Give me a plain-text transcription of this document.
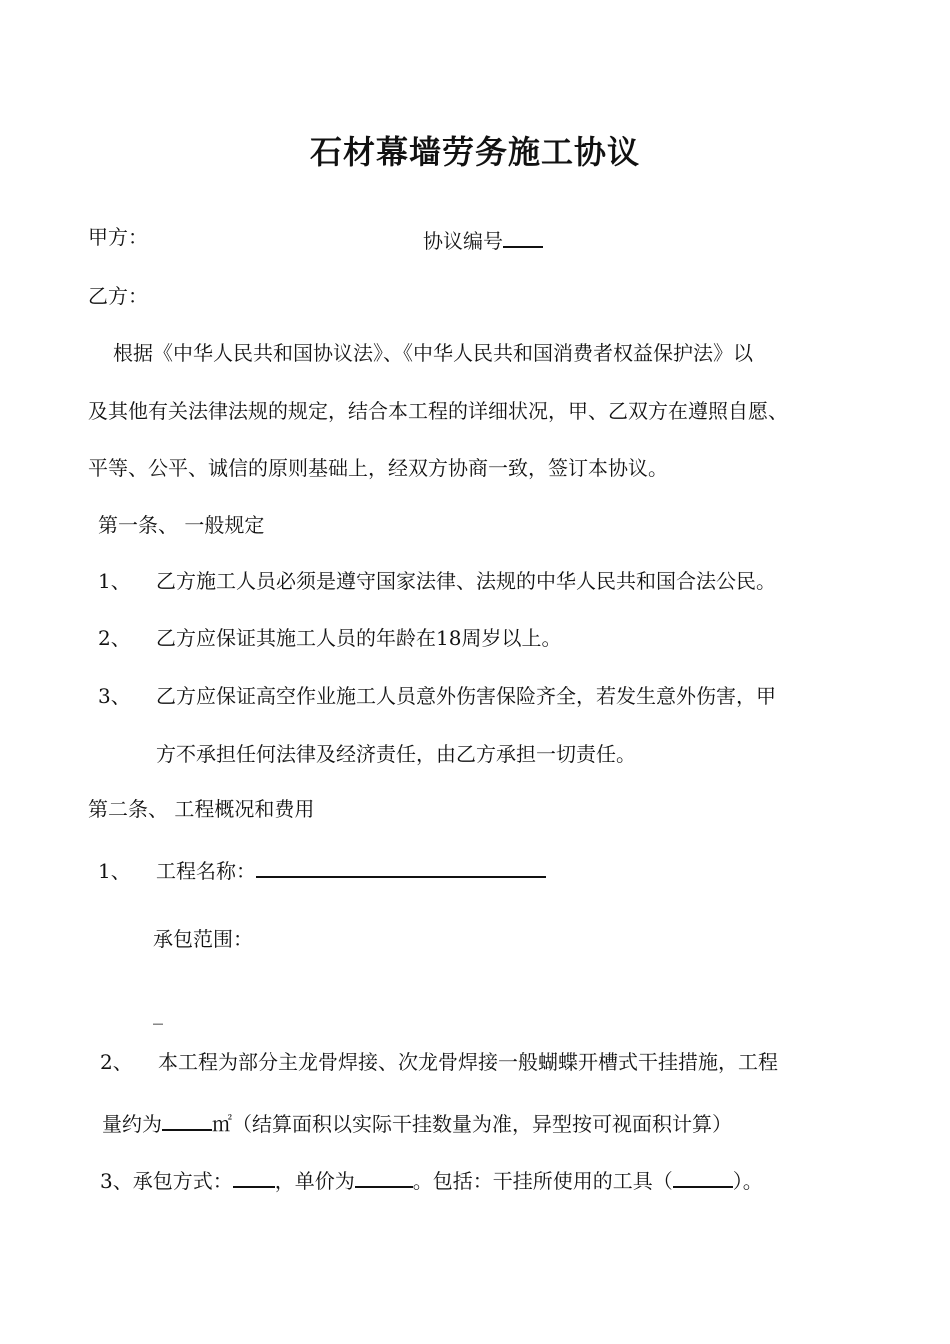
石材幕墙劳务施工协议
甲方：	协议编号
乙方：
根据《中华人民共和国协议法》、《中华人民共和国消费者权益保护法》以
及其他有关法律法规的规定，结合本工程的详细状况，甲、乙双方在遵照自愿、
平等、公平、诚信的原则基础上，经双方协商一致，签订本协议。
第一条、 一般规定
1、 乙方施工人员必须是遵守国家法律、法规的中华人民共和国合法公民。
2、 乙方应保证其施工人员的年龄在18周岁以上。
3、 乙方应保证高空作业施工人员意外伤害保险齐全，若发生意外伤害，甲
方不承担任何法律及经济责任，由乙方承担一切责任。
第二条、 工程概况和费用
1、 工程名称：
承包范围：
_
2、 本工程为部分主龙骨焊接、次龙骨焊接一般蝴蝶开槽式干挂措施，工程
量约为	㎡（结算面积以实际干挂数量为准，异型按可视面积计算）
3、承包方式： ，单价为	。包括：干挂所使用的工具（	）。
